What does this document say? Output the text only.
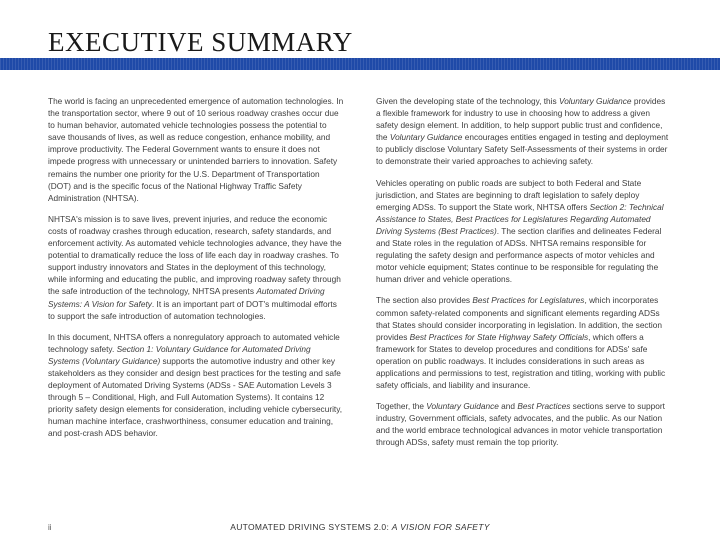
EXECUTIVE SUMMARY

The world is facing an unprecedented emergence of automation technologies. In the transportation sector, where 9 out of 10 serious roadway crashes occur due to human behavior, automated vehicle technologies possess the potential to save thousands of lives, as well as reduce congestion, enhance mobility, and improve productivity. The Federal Government wants to ensure it does not impede progress with unnecessary or unintended barriers to innovation. Safety remains the number one priority for the U.S. Department of Transportation (DOT) and is the specific focus of the National Highway Traffic Safety Administration (NHTSA).

NHTSA's mission is to save lives, prevent injuries, and reduce the economic costs of roadway crashes through education, research, safety standards, and enforcement activity. As automated vehicle technologies advance, they have the potential to dramatically reduce the loss of life each day in roadway crashes. To support industry innovators and States in the deployment of this technology, while informing and educating the public, and improving roadway safety through the safe introduction of the technology, NHTSA presents Automated Driving Systems: A Vision for Safety. It is an important part of DOT's multimodal efforts to support the safe introduction of automation technologies.

In this document, NHTSA offers a nonregulatory approach to automated vehicle technology safety. Section 1: Voluntary Guidance for Automated Driving Systems (Voluntary Guidance) supports the automotive industry and other key stakeholders as they consider and design best practices for the testing and safe deployment of Automated Driving Systems (ADSs - SAE Automation Levels 3 through 5 – Conditional, High, and Full Automation Systems). It contains 12 priority safety design elements for consideration, including vehicle cybersecurity, human machine interface, crashworthiness, consumer education and training, and post-crash ADS behavior.

Given the developing state of the technology, this Voluntary Guidance provides a flexible framework for industry to use in choosing how to address a given safety design element. In addition, to help support public trust and confidence, the Voluntary Guidance encourages entities engaged in testing and deployment to publicly disclose Voluntary Safety Self-Assessments of their systems in order to demonstrate their varied approaches to achieving safety.

Vehicles operating on public roads are subject to both Federal and State jurisdiction, and States are beginning to draft legislation to safely deploy emerging ADSs. To support the State work, NHTSA offers Section 2: Technical Assistance to States, Best Practices for Legislatures Regarding Automated Driving Systems (Best Practices). The section clarifies and delineates Federal and State roles in the regulation of ADSs. NHTSA remains responsible for regulating the safety design and performance aspects of motor vehicles and motor vehicle equipment; States continue to be responsible for regulating the human driver and vehicle operations.

The section also provides Best Practices for Legislatures, which incorporates common safety-related components and significant elements regarding ADSs that States should consider incorporating in legislation. In addition, the section provides Best Practices for State Highway Safety Officials, which offers a framework for States to develop procedures and conditions for ADSs' safe operation on public roadways. It includes considerations in such areas as applications and permissions to test, registration and titling, working with public safety officials, and liability and insurance.

Together, the Voluntary Guidance and Best Practices sections serve to support industry, Government officials, safety advocates, and the public. As our Nation and the world embrace technological advances in motor vehicle transportation through ADSs, safety must remain the top priority.

ii	AUTOMATED DRIVING SYSTEMS 2.0: A VISION FOR SAFETY
